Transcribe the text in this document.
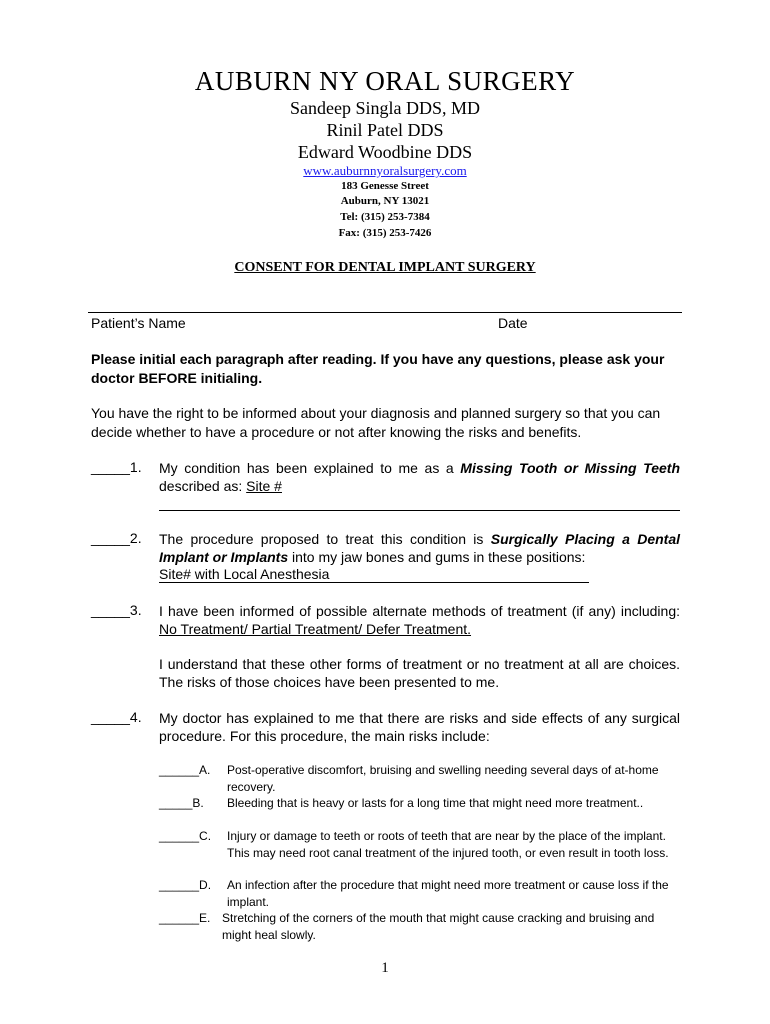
AUBURN NY ORAL SURGERY
Sandeep Singla DDS, MD
Rinil Patel DDS
Edward Woodbine DDS
www.auburnnyoralsurgery.com
183 Genesse Street
Auburn, NY 13021
Tel: (315) 253-7384
Fax: (315) 253-7426
CONSENT FOR DENTAL IMPLANT SURGERY
Patient’s Name	Date
Please initial each paragraph after reading. If you have any questions, please ask your doctor BEFORE initialing.
You have the right to be informed about your diagnosis and planned surgery so that you can decide whether to have a procedure or not after knowing the risks and benefits.
_____1. My condition has been explained to me as a Missing Tooth or Missing Teeth described as: Site #
_____2. The procedure proposed to treat this condition is Surgically Placing a Dental Implant or Implants into my jaw bones and gums in these positions:
Site# with Local Anesthesia
_____3. I have been informed of possible alternate methods of treatment (if any) including: No Treatment/ Partial Treatment/ Defer Treatment.
I understand that these other forms of treatment or no treatment at all are choices. The risks of those choices have been presented to me.
_____4. My doctor has explained to me that there are risks and side effects of any surgical procedure. For this procedure, the main risks include:
______A. Post-operative discomfort, bruising and swelling needing several days of at-home recovery.
_____B. Bleeding that is heavy or lasts for a long time that might need more treatment..
______C. Injury or damage to teeth or roots of teeth that are near by the place of the implant. This may need root canal treatment of the injured tooth, or even result in tooth loss.
______D. An infection after the procedure that might need more treatment or cause loss if the implant.
______E. Stretching of the corners of the mouth that might cause cracking and bruising and might heal slowly.
1
